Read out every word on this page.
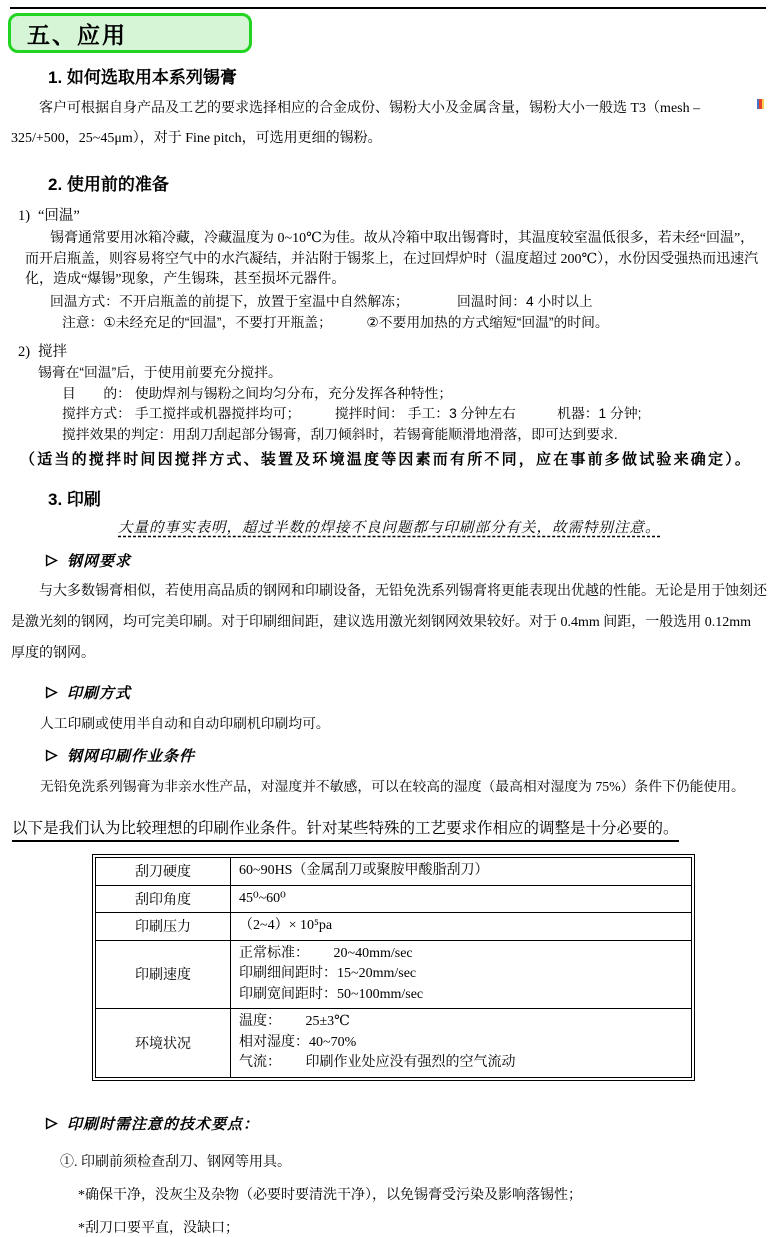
五、应用
1. 如何选取用本系列锡膏
客户可根据自身产品及工艺的要求选择相应的合金成份、锡粉大小及金属含量，锡粉大小一般选 T3（mesh –325/+500，25~45μm），对于 Fine pitch，可选用更细的锡粉。
2. 使用前的准备
1) “回温”
锡膏通常要用冰箱冷藏，冷藏温度为 0~10℃为佳。故从冷箱中取出锡膏时，其温度较室温低很多，若未经“回温”，而开启瓶盖，则容易将空气中的水汽凝结，并沾附于锡浆上，在过回焊炉时（温度超过 200℃），水份因受强热而迅速汽化，造成“爆锡”现象，产生锡珠，甚至损坏元器件。
回温方式：不开启瓶盖的前提下，放置于室温中自然解冻；　　　　回温时间：4 小时以上
注意：①未经充足的“回温”，不要打开瓶盖；　　　②不要用加热的方式缩短“回温”的时间。
2) 搅拌
锡膏在“回温”后，于使用前要充分搅拌。
目　　的： 使助焊剂与锡粉之间均匀分布，充分发挥各种特性；
搅拌方式： 手工搅拌或机器搅拌均可；　　　搅拌时间： 手工：3 分钟左右　　　机器：1 分钟;
搅拌效果的判定：用刮刀刮起部分锡膏，刮刀倾斜时，若锡膏能顺滑地滑落，即可达到要求.
（适当的搅拌时间因搅拌方式、装置及环境温度等因素而有所不同，应在事前多做试验来确定）。
3. 印刷
大量的事实表明，超过半数的焊接不良问题都与印刷部分有关，故需特别注意。
钢网要求
与大多数锡膏相似，若使用高品质的钢网和印刷设备，无铅免洗系列锡膏将更能表现出优越的性能。无论是用于蚀刻还是激光刻的钢网，均可完美印刷。对于印刷细间距，建议选用激光刻钢网效果较好。对于 0.4mm 间距，一般选用 0.12mm 厚度的钢网。
印刷方式
人工印刷或使用半自动和自动印刷机印刷均可。
钢网印刷作业条件
无铅免洗系列锡膏为非亲水性产品，对湿度并不敏感，可以在较高的湿度（最高相对湿度为 75%）条件下仍能使用。
以下是我们认为比较理想的印刷作业条件。针对某些特殊的工艺要求作相应的调整是十分必要的。
刮刀硬度	60~90HS（金属刮刀或聚胺甲酸脂刮刀）

刮印角度	45⁰~60⁰

印刷压力	（2~4）× 10⁵pa

印刷速度	正常标准：　　 20~40mm/sec
印刷细间距时：15~20mm/sec
印刷宽间距时：50~100mm/sec

环境状况	温度：　　 25±3℃
相对湿度：40~70%
气流：　　 印刷作业处应没有强烈的空气流动
印刷时需注意的技术要点：
①. 印刷前须检查刮刀、钢网等用具。
*确保干净，没灰尘及杂物（必要时要清洗干净），以免锡膏受污染及影响落锡性；
*刮刀口要平直，没缺口；
